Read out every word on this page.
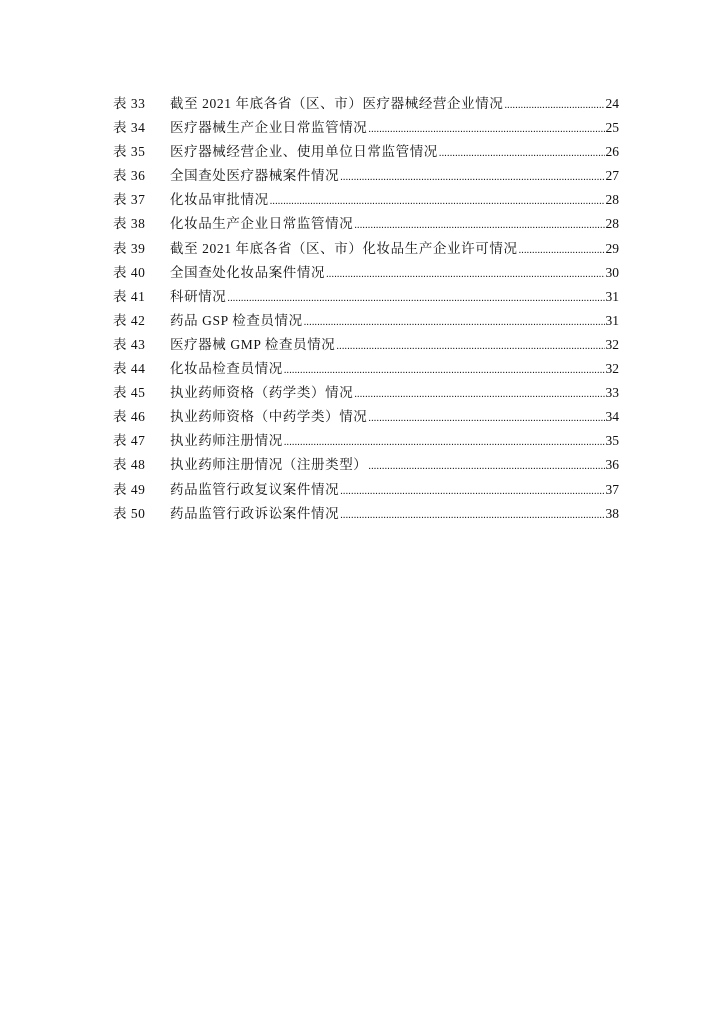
表 33	截至 2021 年底各省（区、市）医疗器械经营企业情况 .....	24
表 34	医疗器械生产企业日常监管情况 .....	25
表 35	医疗器械经营企业、使用单位日常监管情况 .....	26
表 36	全国查处医疗器械案件情况 .....	27
表 37	化妆品审批情况 .....	28
表 38	化妆品生产企业日常监管情况 .....	28
表 39	截至 2021 年底各省（区、市）化妆品生产企业许可情况 .....	29
表 40	全国查处化妆品案件情况 .....	30
表 41	科研情况 .....	31
表 42	药品 GSP 检查员情况 .....	31
表 43	医疗器械 GMP 检查员情况 .....	32
表 44	化妆品检查员情况 .....	32
表 45	执业药师资格（药学类）情况 .....	33
表 46	执业药师资格（中药学类）情况 .....	34
表 47	执业药师注册情况 .....	35
表 48	执业药师注册情况（注册类型） .....	36
表 49	药品监管行政复议案件情况 .....	37
表 50	药品监管行政诉讼案件情况 .....	38
